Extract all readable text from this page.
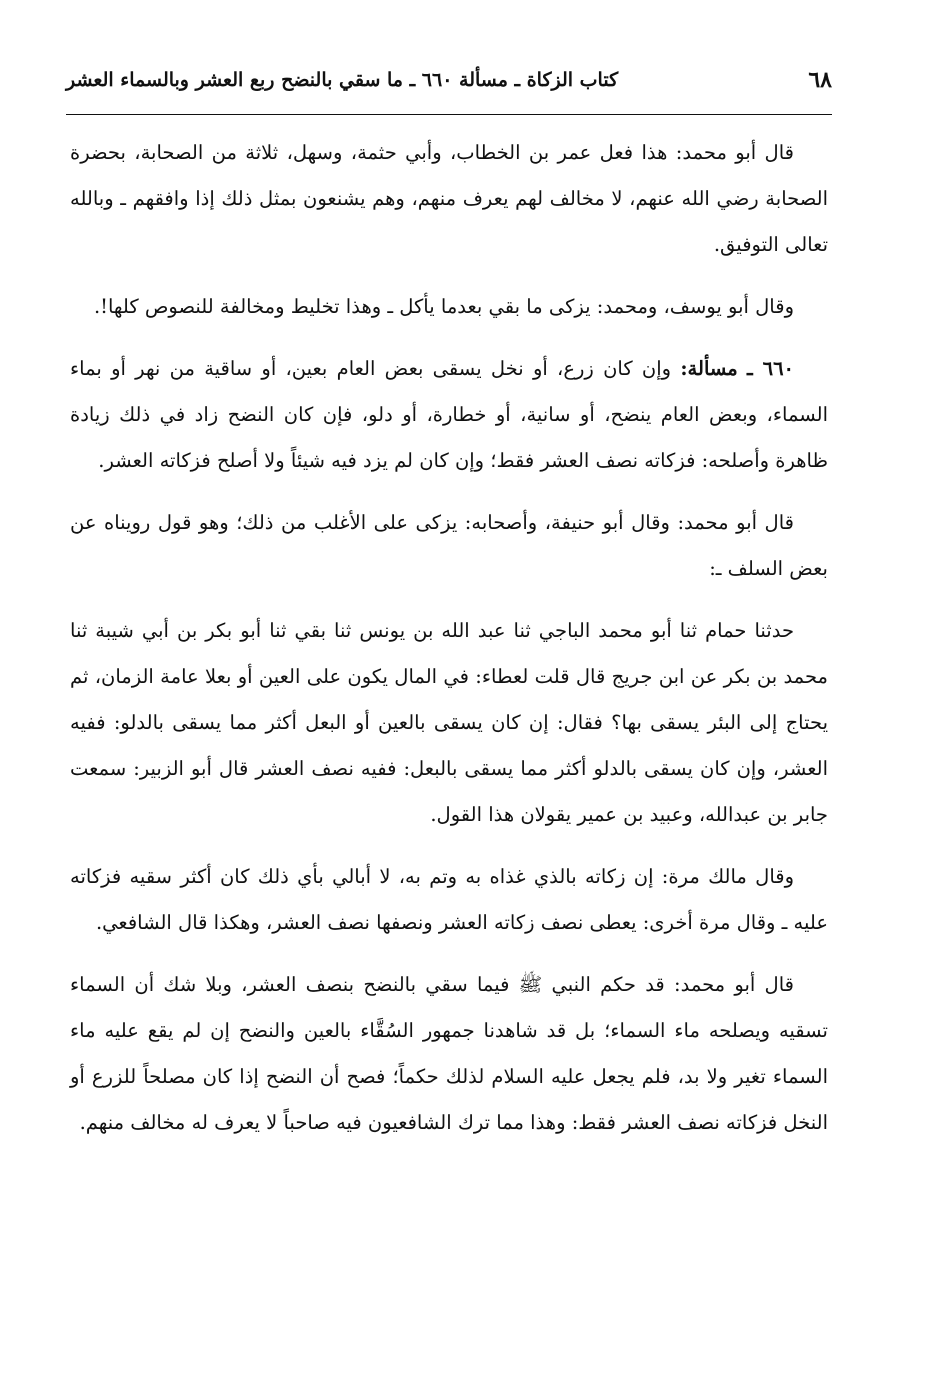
٦٨
كتاب الزكاة ـ مسألة ٦٦٠ ـ ما سقي بالنضح ربع العشر وبالسماء العشر

قال أبو محمد: هذا فعل عمر بن الخطاب، وأبي حثمة، وسهل، ثلاثة من الصحابة، بحضرة الصحابة رضي الله عنهم، لا مخالف لهم يعرف منهم، وهم يشنعون بمثل ذلك إذا وافقهم ـ وبالله تعالى التوفيق.

وقال أبو يوسف، ومحمد: يزكى ما بقي بعدما يأكل ـ وهذا تخليط ومخالفة للنصوص كلها!.

٦٦٠ ـ مسألة: وإن كان زرع، أو نخل يسقى بعض العام بعين، أو ساقية من نهر أو بماء السماء، وبعض العام ينضح، أو سانية، أو خطارة، أو دلو، فإن كان النضح زاد في ذلك زيادة ظاهرة وأصلحه: فزكاته نصف العشر فقط؛ وإن كان لم يزد فيه شيئاً ولا أصلح فزكاته العشر.

قال أبو محمد: وقال أبو حنيفة، وأصحابه: يزكى على الأغلب من ذلك؛ وهو قول رويناه عن بعض السلف ـ:

حدثنا حمام ثنا أبو محمد الباجي ثنا عبد الله بن يونس ثنا بقي ثنا أبو بكر بن أبي شيبة ثنا محمد بن بكر عن ابن جريج قال قلت لعطاء: في المال يكون على العين أو بعلا عامة الزمان، ثم يحتاج إلى البئر يسقى بها؟ فقال: إن كان يسقى بالعين أو البعل أكثر مما يسقى بالدلو: ففيه العشر، وإن كان يسقى بالدلو أكثر مما يسقى بالبعل: ففيه نصف العشر قال أبو الزبير: سمعت جابر بن عبدالله، وعبيد بن عمير يقولان هذا القول.

وقال مالك مرة: إن زكاته بالذي غذاه به وتم به، لا أبالي بأي ذلك كان أكثر سقيه فزكاته عليه ـ وقال مرة أخرى: يعطى نصف زكاته العشر ونصفها نصف العشر، وهكذا قال الشافعي.

قال أبو محمد: قد حكم النبي ﷺ فيما سقي بالنضح بنصف العشر، وبلا شك أن السماء تسقيه ويصلحه ماء السماء؛ بل قد شاهدنا جمهور السُقَّاء بالعين والنضح إن لم يقع عليه ماء السماء تغير ولا بد، فلم يجعل عليه السلام لذلك حكماً؛ فصح أن النضح إذا كان مصلحاً للزرع أو النخل فزكاته نصف العشر فقط: وهذا مما ترك الشافعيون فيه صاحباً لا يعرف له مخالف منهم.
